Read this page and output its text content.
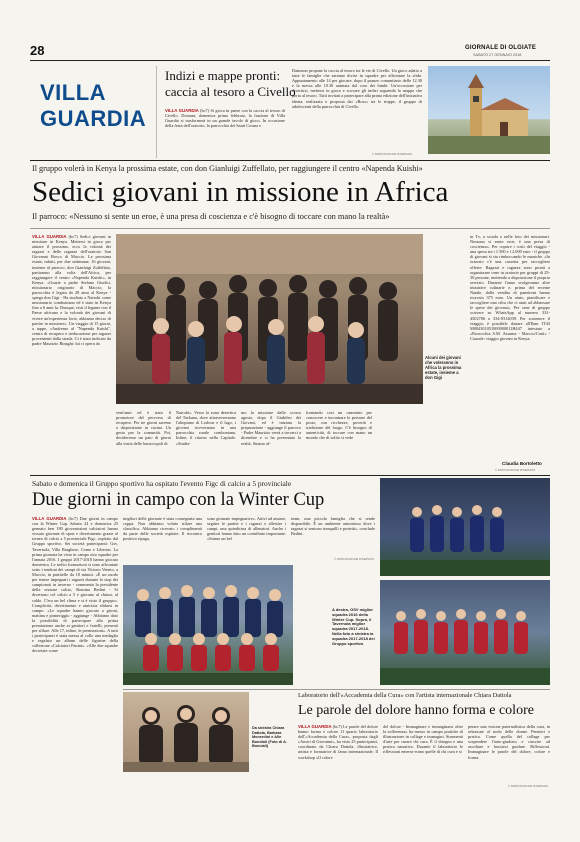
28	GIORNALE DI OLGIATE
SABATO 27 GENNAIO 2018
VILLA
GUARDIA
Indizi e mappe pronti:
caccia al tesoro a Civello
VILLA GUARDIA (bc7) Si gioca in paese con la caccia al tesoro di Civello. Domani, domenica primo febbraio, la frazione di Villa Guardia si trasformerà in un grande tavolo di gioco. In occasione della festa dell'oratorio, la parrocchia dei Santi Cosma e
Damiano propone la caccia al tesoro tra le vie di Civello. Un gioco adatto a tutte le famiglie che saranno divise in squadre per affrontare la sfida. Appuntamento alle 14 per giocare, dopo il pranzo comunitario delle 12.30 e la messa alle 10.30 animata dal coro dei bimbi. Un'occasione per divertirsi, mettersi in gioco e scovare gli indizi seguendo la mappa che porta al tesoro. Tutti invitati a partecipare alla prima edizione dell'iniziativa ideata, realizzata e proposta dai «Boss» tra le truppe, il gruppo di adolescenti della parrocchia di Civello.
© RIPRODUZIONE RISERVATA
Il gruppo volerà in Kenya la prossima estate, con don Gianluigi Zuffellato, per raggiungere il centro «Napenda Kuishi»
Sedici giovani in missione in Africa
Il parroco: «Nessuno si sente un eroe, è una presa di coscienza e c'è bisogno di toccare con mano la realtà»
VILLA GUARDIA (bc7) Sedici giovani in missione in Kenya. Mettersi in gioco per aiutare il prossimo, ecco la volontà dei ragazzi e delle ragazze dell'oratorio San Giovanni Bosco di Maccio. La prossima estate, infatti, per due settimane, 16 giovani, insieme al parroco, don Gianluigi Zuffellato, partiranno alla volta dell'Africa, per raggiungere il centro «Napenda Kuishi», in Kenya. «Grazie a padre Stefano Giudici, missionario originario di Maccio, la parrocchia è legata da 28 anni al Kenya - spiega don Gigi - Ha studiato a Nairobi come missionario comboniano ed è stato in Kenya fino a 6 anni fa. Dunque, visti il legame con il Paese africano e la volontà dei giovani di vivere un'esperienza forte, abbiamo deciso di partire in missione». Un viaggio di 15 giorni, a tappe, «Andremo al "Napenda Kuishi", centro di recupero e rieducazione per ragazzi provenienti dalla strada. Ci è stato indicato da padre Maurizio Binaghi: lui ci opera da
Alcuni dei giovani che voleranno in Africa la prossima estate, insieme a don Gigi
vent'anni ed è stato il promotore del percorso di recupero. Per tre giorni saremo a disposizione in cucina. Un gesto per la comunità. Poi, decideremo un paio di giorni alla visita delle baraccopoli di
Nairobi». Verso la zona desertica del Turkana, dove attraverseranno l'altopiano di Lodwar e il lago, i giovani riceveranno in una parrocchia rurale comboniana. Infine, il ritorno nella Capitale. «Studia-
mo la missione dallo scorso agosto, dopo il Giubileo dei Giovani, ed è iniziata la preparazione - aggiunge il parroco - Padre Maurizio verrà a trovarci a dicembre e ci ha presentato la realtà. Stiamo af-
frontando così un cammino per conoscere e incontrare le persone del posto, con ricchezze, povertà e tradizione del luogo. C'è bisogno di autenticità, di toccare con mano un mondo che di solito si vede
in Tv, a scuola o nelle foto dei missionari. Nessuno si sente eroe, è una presa di coscienza». Per coprire i costi del viaggio - una spesa tra i 1.500 e i 2.000 euro - il gruppo di giovani si sta rimboccando le maniche. «In oratorio c'è una cassetta per raccogliere offerte. Ragazzi e ragazze sono pronti a organizzare cene in oratorio per gruppi di 25-30 persone, mettendo a disposizione il proprio servizio. Durante l'anno svolgeranno altre iniziative culinarie e, prima del recente Natale, dalla vendita di panettoni hanno ricavato 375 euro. Un aiuto, pianificare e raccogliere una cifra che ci aiuti ad abbassare le spese dei giovani». Per cene di gruppo scrivere su WhatsApp al numero 331-4502706 o 334-8314039. Per sostenere il viaggio, è possibile donare all'Iban IT43 M084301051000000011H447 intestato a «Parrocchia S.M. Assunta - Maccio/Cartì» - Causale: viaggio giovani in Kenya.
Claudia Bortoletto
© RIPRODUZIONE RISERVATA
Sabato e domenica il Gruppo sportivo ha ospitato l'evento Figc di calcio a 5 provinciale
Due giorni in campo con la Winter Cup
VILLA GUARDIA (bc7) Due giorni in campo con la Winter Cup. Sabato 24 e domenica 25 gennaio ben 180 giovanissimi calciatori hanno vissuto giornate di sport e divertimento grazie al torneo di calcio a 5 provinciale Figc, ospitato dal Gruppo sportivo. Sei società partecipanti: Gsv, Tavernola, Villa Braghese, Como e Libertas. La prima giornata ha visto in campo otto squadre per l'annata 2016. I gruppi 2017-2018 hanno giocato domenica. Le sedici formazioni si sono affrontate sotto i tendoni dei campi di via Vittorio Veneto, a Maccio, in partitelle da 18 minuti. «È un modo per tenere impegnati i ragazzi durante lo stop dei campionati in inverno - commenta la presidente della sezione calcio, Romina Bedini - Si divertono col calcio a 5 e giocano al chiuso, al caldo. C'era un bel clima e si è visto il gruppo». Complicità, divertimento e amicizia sfidarsi in campo. «Le squadre hanno giocato a gironi, mattina e pomeriggio - aggiunge - Abbiamo dato la possibilità di partecipare alla prima premiazione anche ai genitori e fratelli, presenti per sfilare. Alle 17, infine, le premiazioni». A tutti i partecipanti è stata messa al collo una medaglia e regalato un album delle figurine della collezione «Calciatori Panini». «Alle due squadre decretate come
migliori delle giornate è stata consegnata una coppa. Non abbiamo voluto stilare una classifica. Abbiamo ricevuto i complimenti da parte delle società ospitate. Il riscontro positivo ripaga,
sono giornate impegnative». Attivi ad aiutare, seguire le partite e i ragazzi e allestire i campi, una quindicina di allenatori. Anche i genitori hanno dato un contributo importante. «Siamo un bel
team, una piccola famiglia che si rende disponibile. È un ambiente armonioso dove i ragazzi si sentono tranquilli e protetti», conclude Bedini.
© RIPRODUZIONE RISERVATA
A destra, GSV miglior squadra 2016 della Winter Cup. Sopra, il Tavernola miglior squadra 2017-2018. Nella foto a sinistra la squadra 2017-2018 del Gruppo sportivo
Laboratorio dell'«Accademia della Cura» con l'artista internazionale Chiara Dattola
Le parole del dolore hanno forma e colore
Da sinistra Chiara Dattola, Barbara Monerdini e Alle Bondioli (Foto di A. Bonciali)
VILLA GUARDIA (bc7) Le parole del dolore hanno forma e colore. Il quarto laboratorio dell'«Accademia della Cura», proposta dagli «Amici di Giovanni», ha visto 25 partecipanti, coordinato da Chiara Dattola, illustratrice, artista e formatrice di fama internazionale. Il workshop «Il colore
del dolore - Immaginare e immaginarsi oltre la sofferenza» ha messo in campo pratiche di illustrazione in collage e immagini. Strumenti d'arte per curare chi cura. È il disegno e una pratica narrativa. Durante il laboratorio le riflessioni emerse erano quelle di chi cura e si
perare una visione paternalistica della cura, in relazione al nodo delle donne. Pensieri e pratica. Come quella del collage per sospendere l'auto-giudizio e riuscire ad ascoltare e lasciarsi guidare. Riflessioni. Immaginare le parole del dolore, colore e forma.
© RIPRODUZIONE RISERVATA
